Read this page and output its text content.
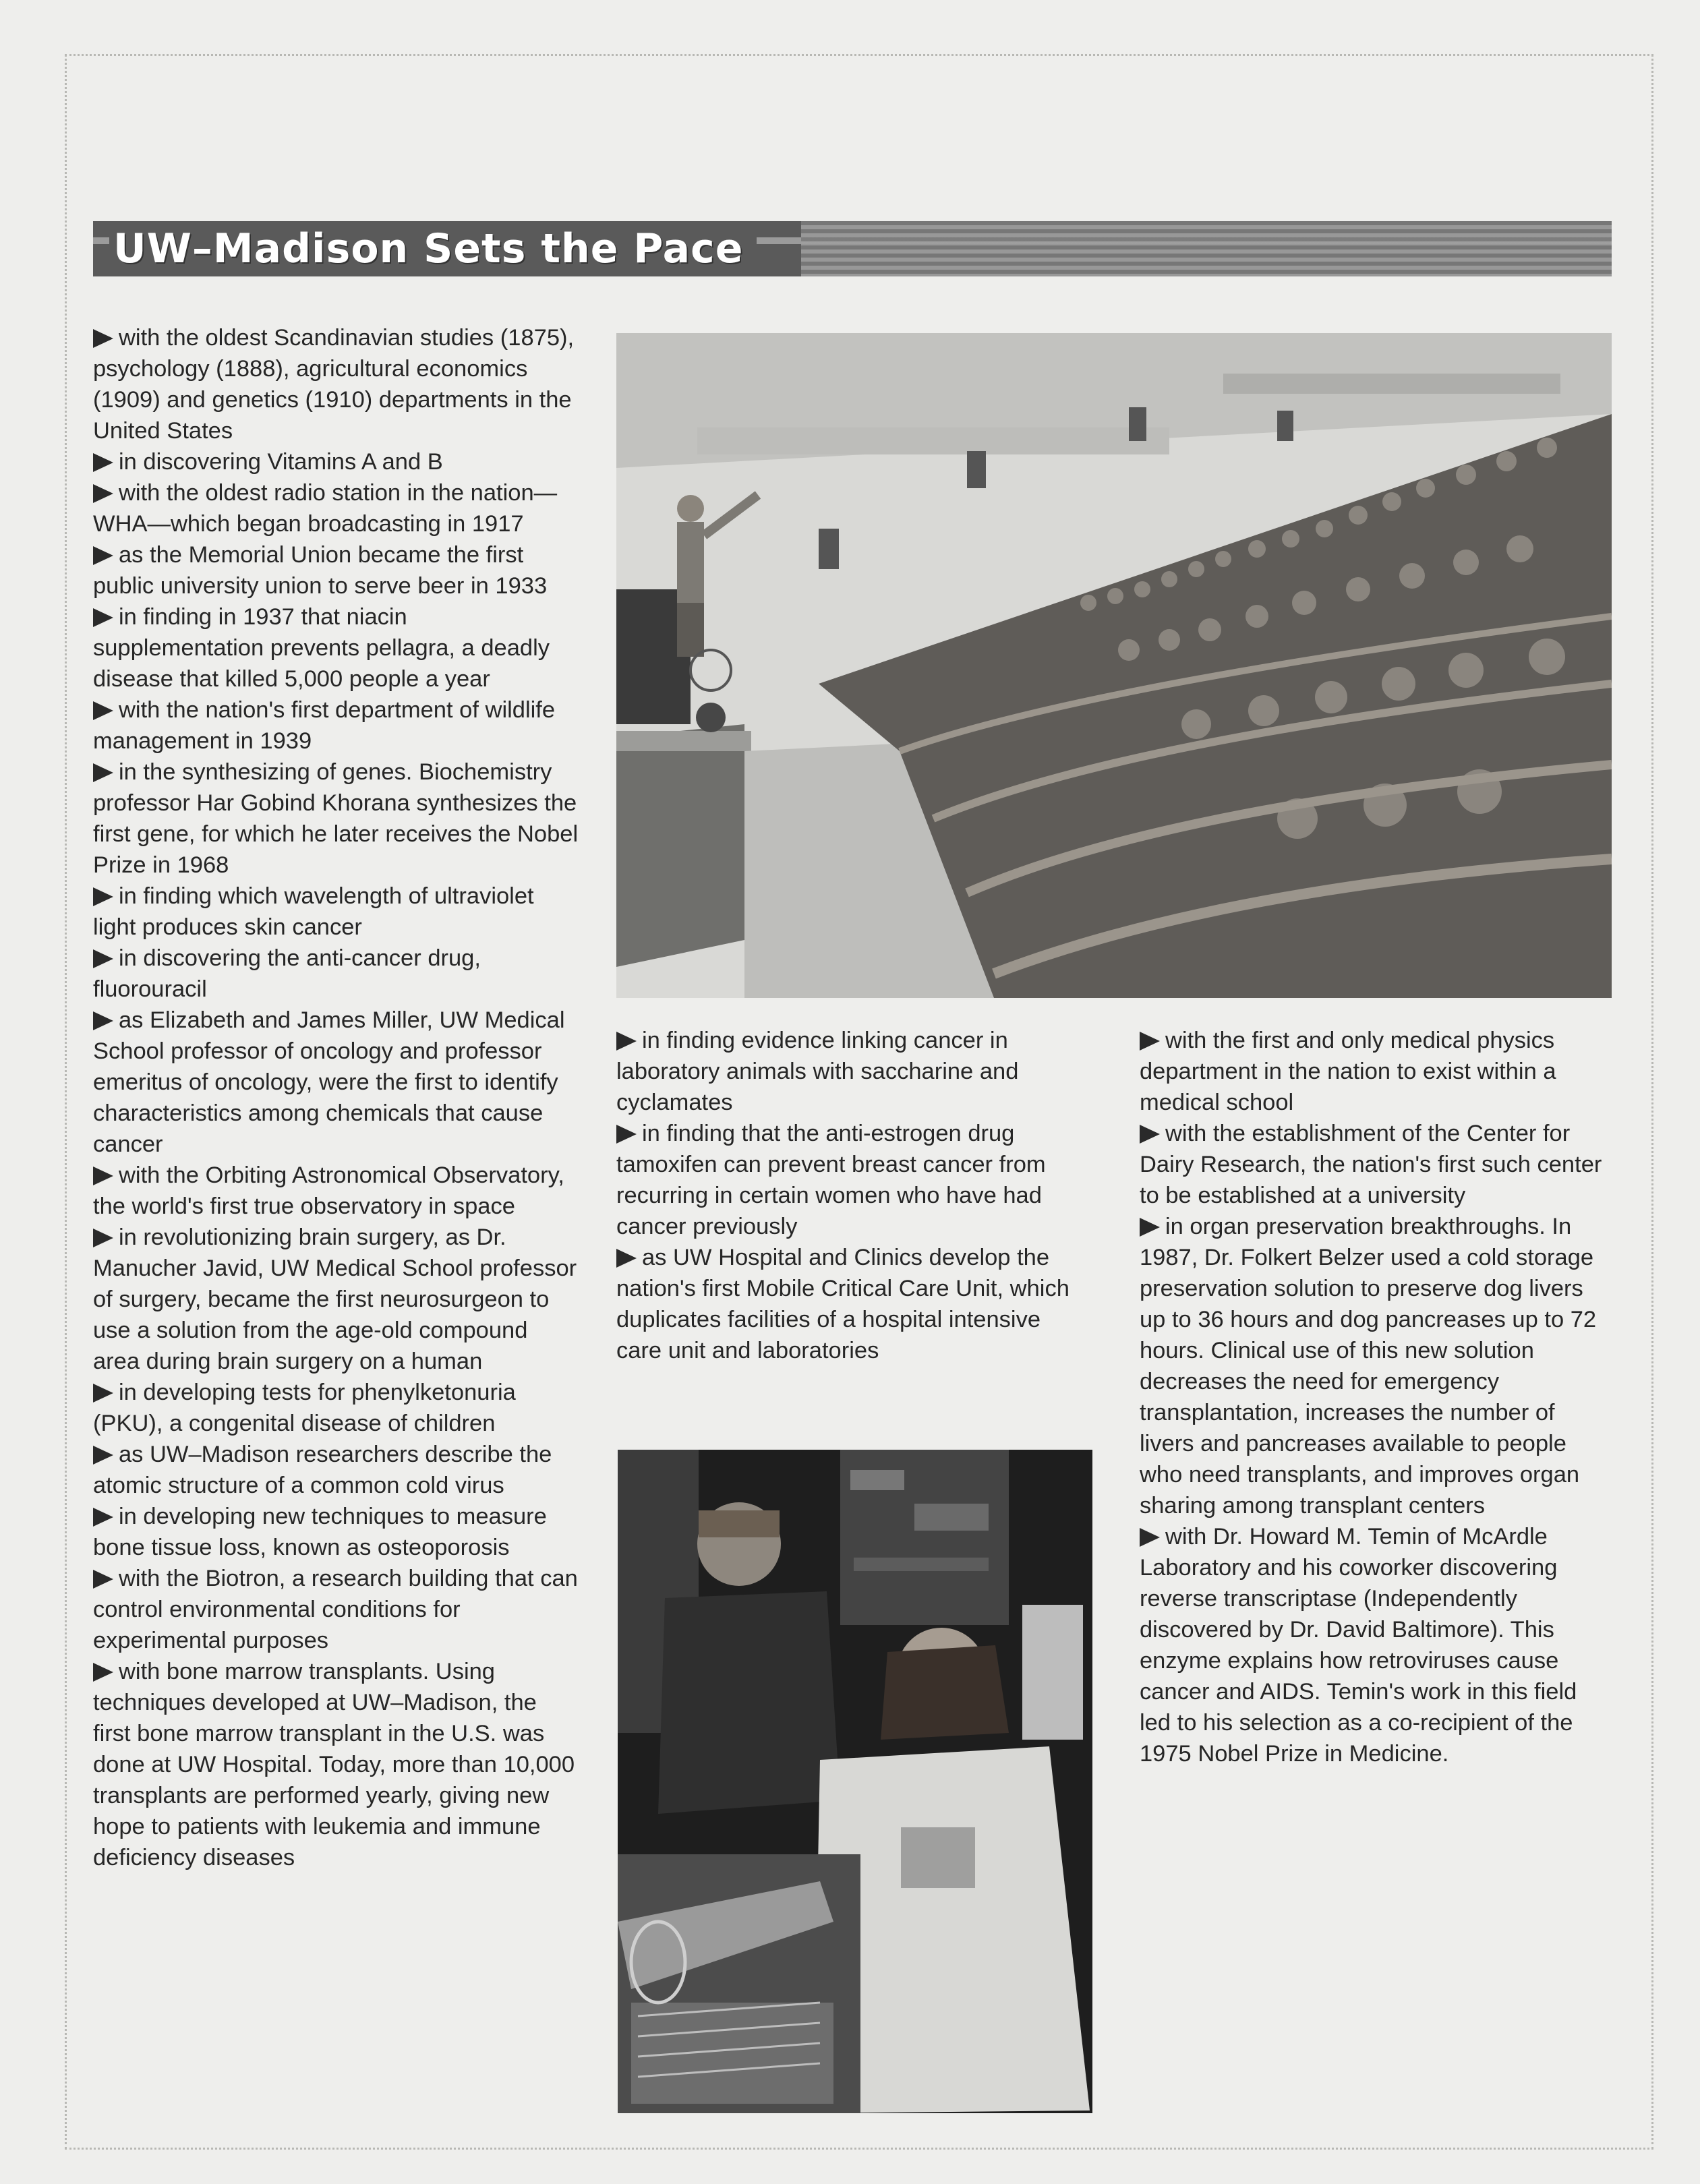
UW–Madison Sets the Pace

with the oldest Scandinavian studies (1875), psychology (1888), agricultural economics (1909) and genetics (1910) departments in the United States

in discovering Vitamins A and B

with the oldest radio station in the nation—WHA—which began broadcasting in 1917

as the Memorial Union became the first public university union to serve beer in 1933

in finding in 1937 that niacin supplementation prevents pellagra, a deadly disease that killed 5,000 people a year

with the nation's first department of wildlife management in 1939

in the synthesizing of genes. Biochemistry professor Har Gobind Khorana synthesizes the first gene, for which he later receives the Nobel Prize in 1968

in finding which wavelength of ultraviolet light produces skin cancer

in discovering the anti-cancer drug, fluorouracil

as Elizabeth and James Miller, UW Medical School professor of oncology and professor emeritus of oncology, were the first to identify characteristics among chemicals that cause cancer

with the Orbiting Astronomical Observatory, the world's first true observatory in space

in revolutionizing brain surgery, as Dr. Manucher Javid, UW Medical School professor of surgery, became the first neurosurgeon to use a solution from the age-old compound area during brain surgery on a human

in developing tests for phenylketonuria (PKU), a congenital disease of children

as UW–Madison researchers describe the atomic structure of a common cold virus

in developing new techniques to measure bone tissue loss, known as osteoporosis

with the Biotron, a research building that can control environmental conditions for experimental purposes

with bone marrow transplants. Using techniques developed at UW–Madison, the first bone marrow transplant in the U.S. was done at UW Hospital. Today, more than 10,000 transplants are performed yearly, giving new hope to patients with leukemia and immune deficiency diseases

in finding evidence linking cancer in laboratory animals with saccharine and cyclamates

in finding that the anti-estrogen drug tamoxifen can prevent breast cancer from recurring in certain women who have had cancer previously

as UW Hospital and Clinics develop the nation's first Mobile Critical Care Unit, which duplicates facilities of a hospital intensive care unit and laboratories

with the first and only medical physics department in the nation to exist within a medical school

with the establishment of the Center for Dairy Research, the nation's first such center to be established at a university

in organ preservation breakthroughs. In 1987, Dr. Folkert Belzer used a cold storage preservation solution to preserve dog livers up to 36 hours and dog pancreases up to 72 hours. Clinical use of this new solution decreases the need for emergency transplantation, increases the number of livers and pancreases available to people who need transplants, and improves organ sharing among transplant centers

with Dr. Howard M. Temin of McArdle Laboratory and his coworker discovering reverse transcriptase (Independently discovered by Dr. David Baltimore). This enzyme explains how retroviruses cause cancer and AIDS. Temin's work in this field led to his selection as a co-recipient of the 1975 Nobel Prize in Medicine.
